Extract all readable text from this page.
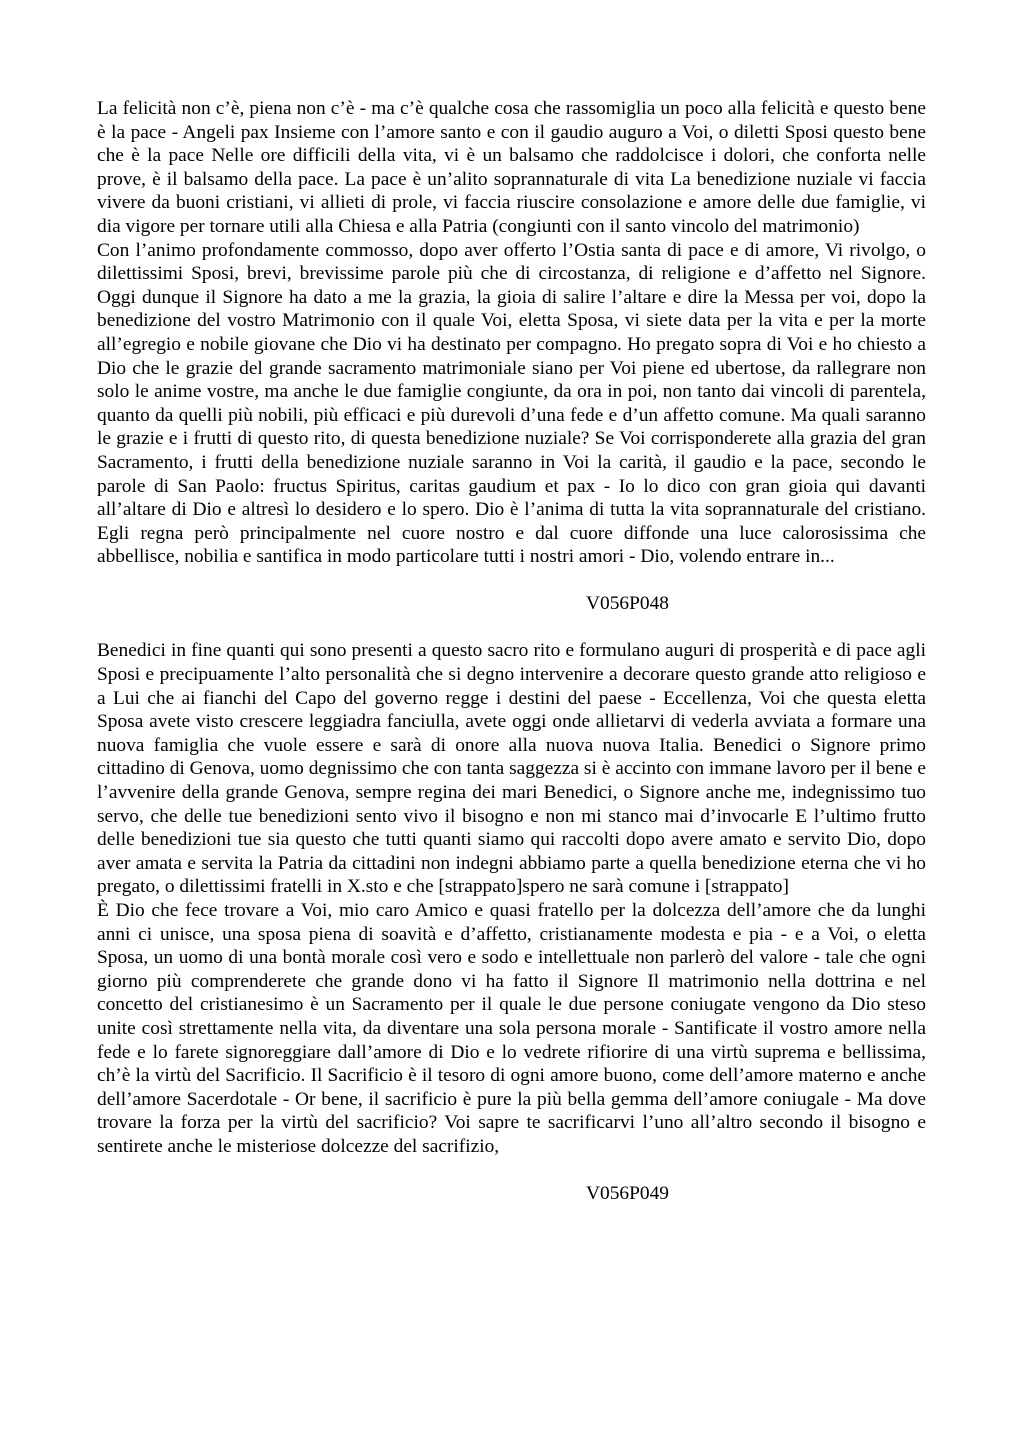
La felicità non c’è, piena non c’è - ma c’è qualche cosa che rassomiglia un poco alla felicità e questo bene è la pace - Angeli pax Insieme con l’amore santo e con il gaudio auguro a Voi, o diletti Sposi questo bene che è la pace Nelle ore difficili della vita, vi è un balsamo che raddolcisce i dolori, che conforta nelle prove, è il balsamo della pace. La pace è un’alito soprannaturale di vita La benedizione nuziale vi faccia vivere da buoni cristiani, vi allieti di prole, vi faccia riuscire consolazione e amore delle due famiglie, vi dia vigore per tornare utili alla Chiesa e alla Patria (congiunti con il santo vincolo del matrimonio)

Con l’animo profondamente commosso, dopo aver offerto l’Ostia santa di pace e di amore, Vi rivolgo, o dilettissimi Sposi, brevi, brevissime parole più che di circostanza, di religione e d’affetto nel Signore. Oggi dunque il Signore ha dato a me la grazia, la gioia di salire l’altare e dire la Messa per voi, dopo la benedizione del vostro Matrimonio con il quale Voi, eletta Sposa, vi siete data per la vita e per la morte all’egregio e nobile giovane che Dio vi ha destinato per compagno. Ho pregato sopra di Voi e ho chiesto a Dio che le grazie del grande sacramento matrimoniale siano per Voi piene ed ubertose, da rallegrare non solo le anime vostre, ma anche le due famiglie congiunte, da ora in poi, non tanto dai vincoli di parentela, quanto da quelli più nobili, più efficaci e più durevoli d’una fede e d’un affetto comune. Ma quali saranno le grazie e i frutti di questo rito, di questa benedizione nuziale? Se Voi corrisponderete alla grazia del gran Sacramento, i frutti della benedizione nuziale saranno in Voi la carità, il gaudio e la pace, secondo le parole di San Paolo: fructus Spiritus, caritas gaudium et pax - Io lo dico con gran gioia qui davanti all’altare di Dio e altresì lo desidero e lo spero. Dio è l’anima di tutta la vita soprannaturale del cristiano. Egli regna però principalmente nel cuore nostro e dal cuore diffonde una luce calorosissima che abbellisce, nobilia e santifica in modo particolare tutti i nostri amori - Dio, volendo entrare in...

V056P048

Benedici in fine quanti qui sono presenti a questo sacro rito e formulano auguri di prosperità e di pace agli Sposi e precipuamente l’alto personalità che si degno intervenire a decorare questo grande atto religioso e a Lui che ai fianchi del Capo del governo regge i destini del paese - Eccellenza, Voi che questa eletta Sposa avete visto crescere leggiadra fanciulla, avete oggi onde allietarvi di vederla avviata a formare una nuova famiglia che vuole essere e sarà di onore alla nuova nuova Italia. Benedici o Signore primo cittadino di Genova, uomo degnissimo che con tanta saggezza si è accinto con immane lavoro per il bene e l’avvenire della grande Genova, sempre regina dei mari Benedici, o Signore anche me, indegnissimo tuo servo, che delle tue benedizioni sento vivo il bisogno e non mi stanco mai d’invocarle E l’ultimo frutto delle benedizioni tue sia questo che tutti quanti siamo qui raccolti dopo avere amato e servito Dio, dopo aver amata e servita la Patria da cittadini non indegni abbiamo parte a quella benedizione eterna che vi ho pregato, o dilettissimi fratelli in X.sto e che [strappato]spero ne sarà comune i [strappato]

È Dio che fece trovare a Voi, mio caro Amico e quasi fratello per la dolcezza dell’amore che da lunghi anni ci unisce, una sposa piena di soavità e d’affetto, cristianamente modesta e pia - e a Voi, o eletta Sposa, un uomo di una bontà morale così vero e sodo e intellettuale non parlerò del valore - tale che ogni giorno più comprenderete che grande dono vi ha fatto il Signore Il matrimonio nella dottrina e nel concetto del cristianesimo è un Sacramento per il quale le due persone coniugate vengono da Dio steso unite così strettamente nella vita, da diventare una sola persona morale - Santificate il vostro amore nella fede e lo farete signoreggiare dall’amore di Dio e lo vedrete rifiorire di una virtù suprema e bellissima, ch’è la virtù del Sacrificio. Il Sacrificio è il tesoro di ogni amore buono, come dell’amore materno e anche dell’amore Sacerdotale - Or bene, il sacrificio è pure la più bella gemma dell’amore coniugale - Ma dove trovare la forza per la virtù del sacrificio? Voi sapre te sacrificarvi l’uno all’altro secondo il bisogno e sentirete anche le misteriose dolcezze del sacrifizio,

V056P049
